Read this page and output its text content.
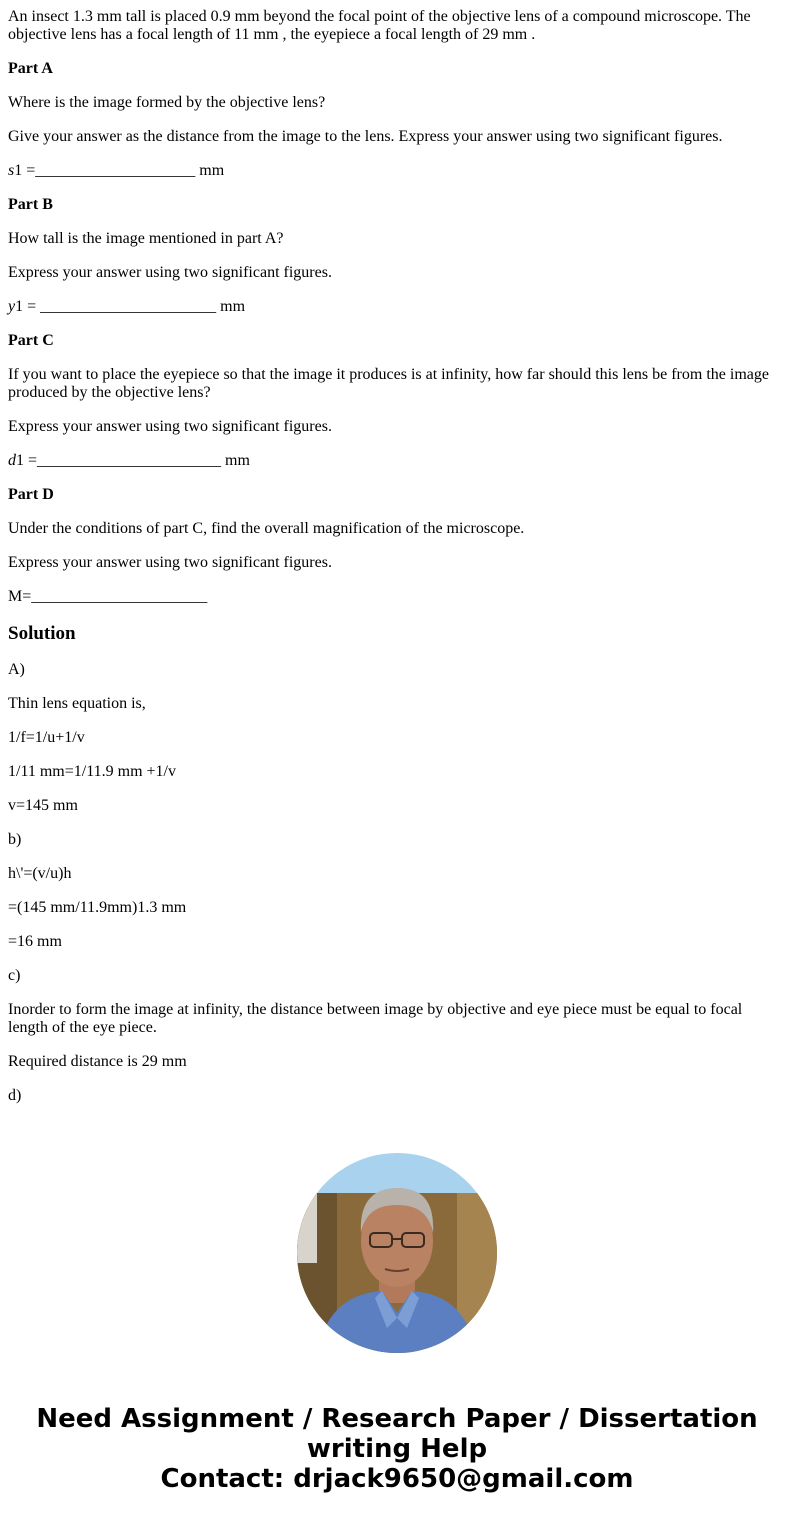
An insect 1.3 mm tall is placed 0.9 mm beyond the focal point of the objective lens of a compound microscope. The objective lens has a focal length of 11 mm , the eyepiece a focal length of 29 mm .

Part A

Where is the image formed by the objective lens?

Give your answer as the distance from the image to the lens. Express your answer using two significant figures.

s1 =____________________ mm

Part B

How tall is the image mentioned in part A?

Express your answer using two significant figures.

y1 = ______________________ mm

Part C

If you want to place the eyepiece so that the image it produces is at infinity, how far should this lens be from the image produced by the objective lens?

Express your answer using two significant figures.

d1 =_______________________ mm

Part D

Under the conditions of part C, find the overall magnification of the microscope.

Express your answer using two significant figures.

M=______________________

Solution

A)

Thin lens equation is,

1/f=1/u+1/v

1/11 mm=1/11.9 mm +1/v

v=145 mm

b)

h\'=(v/u)h

=(145 mm/11.9mm)1.3 mm

=16 mm

c)

Inorder to form the image at infinity, the distance between image by objective and eye piece must be equal to focal length of the eye piece.

Required distance is 29 mm

d)

Need Assignment / Research Paper / Dissertation
writing Help
Contact: drjack9650@gmail.com
